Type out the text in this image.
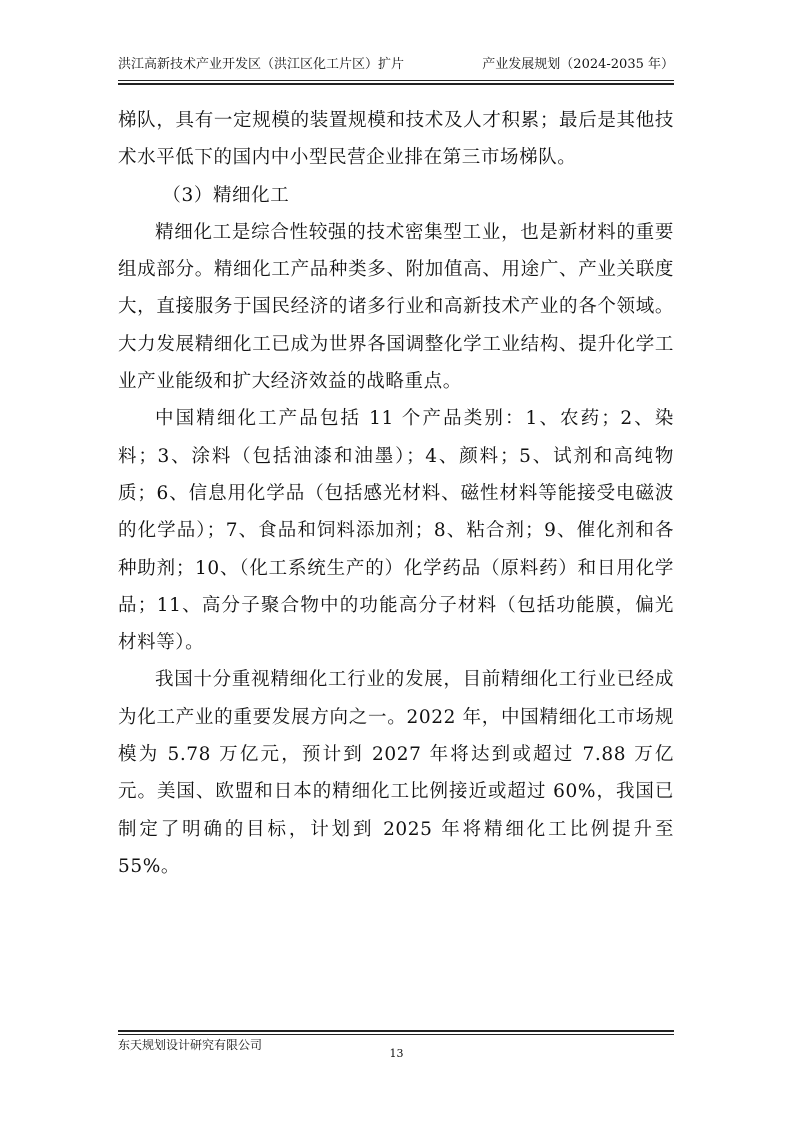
洪江高新技术产业开发区（洪江区化工片区）扩片	产业发展规划（2024-2035 年）

梯队，具有一定规模的装置规模和技术及人才积累；最后是其他技术水平低下的国内中小型民营企业排在第三市场梯队。

（3）精细化工

精细化工是综合性较强的技术密集型工业，也是新材料的重要组成部分。精细化工产品种类多、附加值高、用途广、产业关联度大，直接服务于国民经济的诸多行业和高新技术产业的各个领域。大力发展精细化工已成为世界各国调整化学工业结构、提升化学工业产业能级和扩大经济效益的战略重点。

中国精细化工产品包括 11 个产品类别：1、农药；2、染料；3、涂料（包括油漆和油墨）；4、颜料；5、试剂和高纯物质；6、信息用化学品（包括感光材料、磁性材料等能接受电磁波的化学品）；7、食品和饲料添加剂；8、粘合剂；9、催化剂和各种助剂；10、（化工系统生产的）化学药品（原料药）和日用化学品；11、高分子聚合物中的功能高分子材料（包括功能膜，偏光材料等）。

我国十分重视精细化工行业的发展，目前精细化工行业已经成为化工产业的重要发展方向之一。2022 年，中国精细化工市场规模为 5.78 万亿元，预计到 2027 年将达到或超过 7.88 万亿元。美国、欧盟和日本的精细化工比例接近或超过 60%，我国已制定了明确的目标，计划到 2025 年将精细化工比例提升至 55%。

东天规划设计研究有限公司
13
